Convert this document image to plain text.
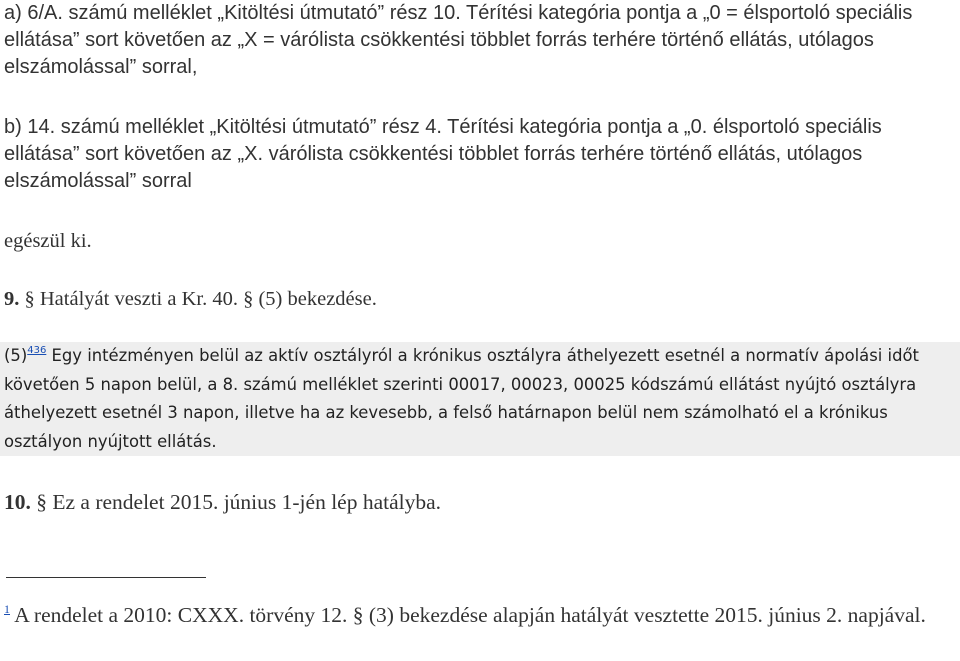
a) 6/A. számú melléklet „Kitöltési útmutató” rész 10. Térítési kategória pontja a „0 = élsportoló speciális ellátása” sort követően az „X = várólista csökkentési többlet forrás terhére történő ellátás, utólagos elszámolással” sorral,
b) 14. számú melléklet „Kitöltési útmutató” rész 4. Térítési kategória pontja a „0. élsportoló speciális ellátása” sort követően az „X. várólista csökkentési többlet forrás terhére történő ellátás, utólagos elszámolással” sorral
egészül ki.
9. § Hatályát veszti a Kr. 40. § (5) bekezdése.
(5)$^{436}$ Egy intézményen belül az aktív osztályról a krónikus osztályra áthelyezett esetnél a normatív ápolási időt követően 5 napon belül, a 8. számú melléklet szerinti 00017, 00023, 00025 kódszámú ellátást nyújtó osztályra áthelyezett esetnél 3 napon, illetve ha az kevesebb, a felső határnapon belül nem számolható el a krónikus osztályon nyújtott ellátás.
10. § Ez a rendelet 2015. június 1-jén lép hatályba.
$^1$ A rendelet a 2010: CXXX. törvény 12. § (3) bekezdése alapján hatályát vesztette 2015. június 2. napjával.
